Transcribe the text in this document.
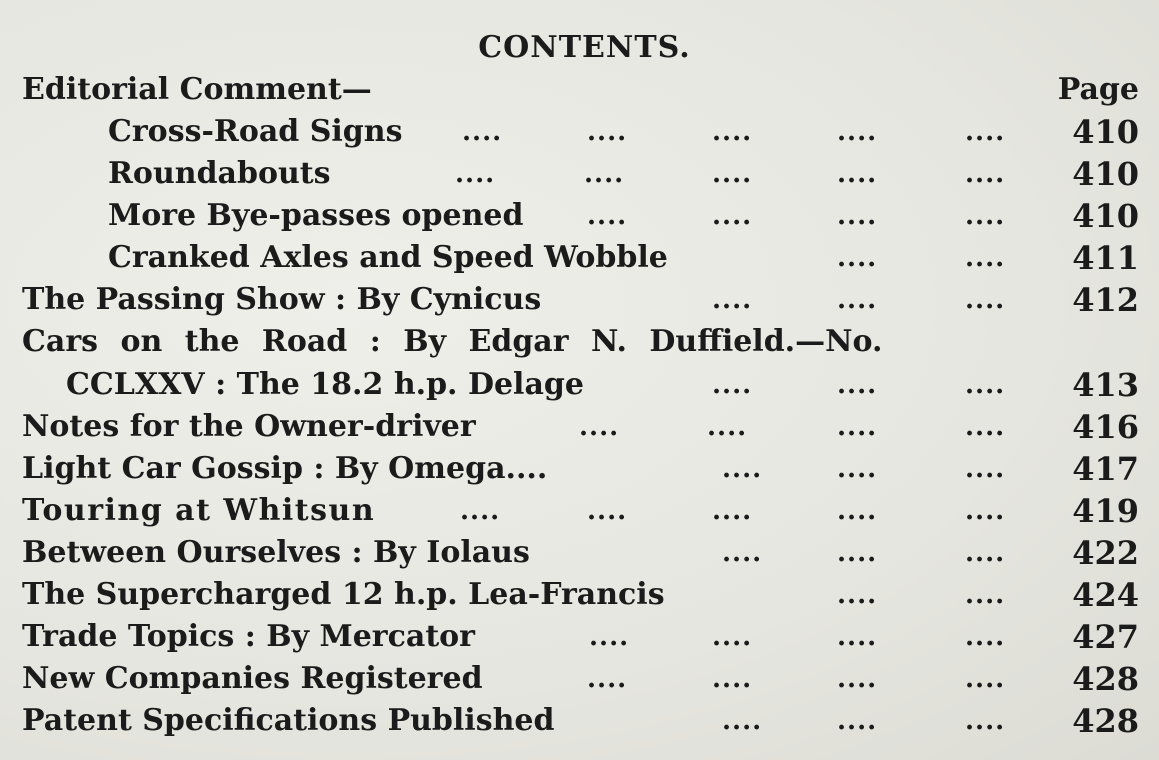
CONTENTS.
Editorial Comment—	Page
Cross-Road Signs ....	....	....	....	.... 410
Roundabouts	....	....	....	....	.... 410
More Bye-passes opened ....	....	....	.... 410
Cranked Axles and Speed Wobble	....	.... 411
The Passing Show : By Cynicus	....	....	.... 412
Cars on the Road : By Edgar N. Duffield.—No.
CCLXXV : The 18.2 h.p. Delage	....	....	.... 413
Notes for the Owner-driver	....	....	....	.... 416
Light Car Gossip : By Omega....	....	....	.... 417
Touring at Whitsun	....	....	....	....	.... 419
Between Ourselves : By Iolaus	....	....	.... 422
The Supercharged 12 h.p. Lea-Francis	....	.... 424
Trade Topics : By Mercator	....	....	....	.... 427
New Companies Registered	....	....	....	.... 428
Patent Specifications Published	....	....	.... 428
